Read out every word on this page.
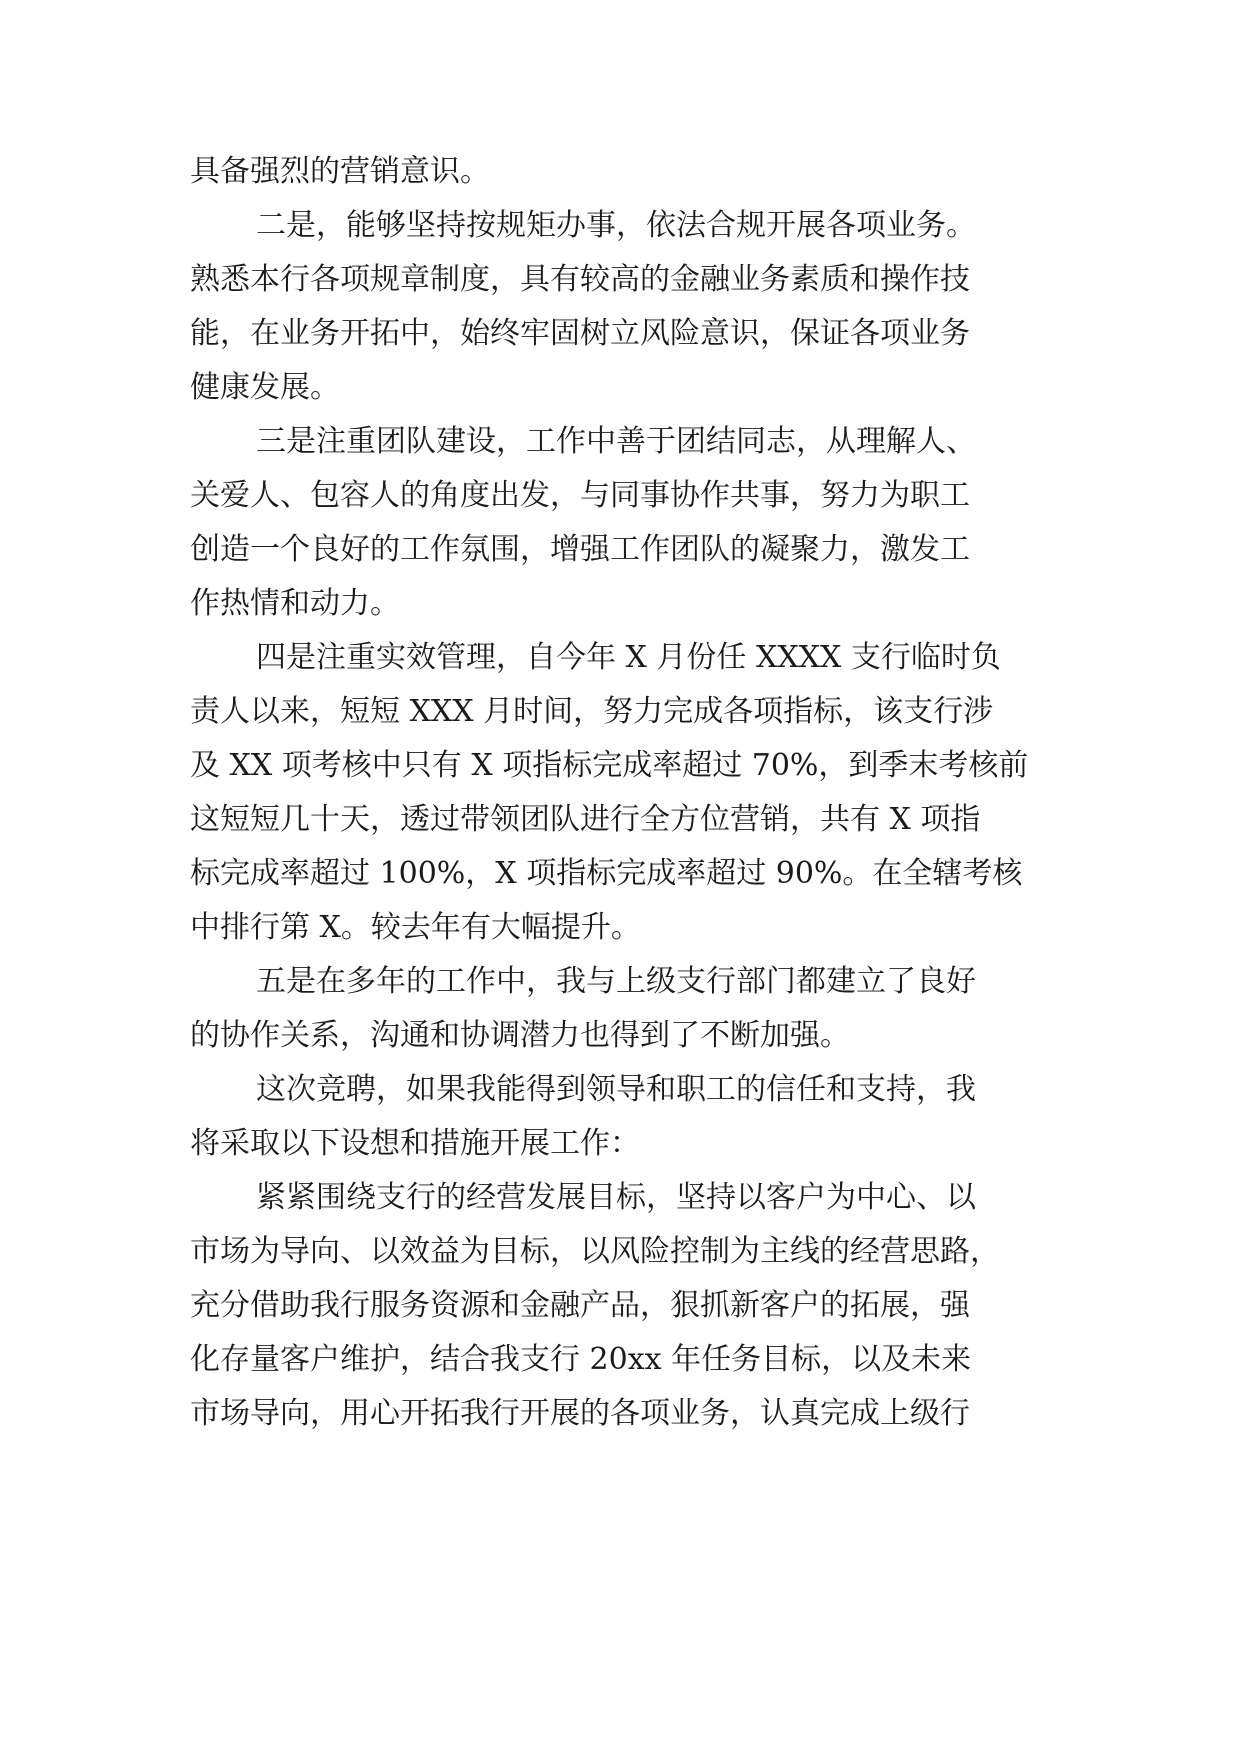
具备强烈的营销意识。
二是，能够坚持按规矩办事，依法合规开展各项业务。
熟悉本行各项规章制度，具有较高的金融业务素质和操作技
能，在业务开拓中，始终牢固树立风险意识，保证各项业务
健康发展。
三是注重团队建设，工作中善于团结同志，从理解人、
关爱人、包容人的角度出发，与同事协作共事，努力为职工
创造一个良好的工作氛围，增强工作团队的凝聚力，激发工
作热情和动力。
四是注重实效管理，自今年 X 月份任 XXXX 支行临时负
责人以来，短短 XXX 月时间，努力完成各项指标，该支行涉
及 XX 项考核中只有 X 项指标完成率超过 70%，到季末考核前
这短短几十天，透过带领团队进行全方位营销，共有 X 项指
标完成率超过 100%，X 项指标完成率超过 90%。在全辖考核
中排行第 X。较去年有大幅提升。
五是在多年的工作中，我与上级支行部门都建立了良好
的协作关系，沟通和协调潜力也得到了不断加强。
这次竞聘，如果我能得到领导和职工的信任和支持，我
将采取以下设想和措施开展工作：
紧紧围绕支行的经营发展目标，坚持以客户为中心、以
市场为导向、以效益为目标，以风险控制为主线的经营思路，
充分借助我行服务资源和金融产品，狠抓新客户的拓展，强
化存量客户维护，结合我支行 20xx 年任务目标，以及未来
市场导向，用心开拓我行开展的各项业务，认真完成上级行
